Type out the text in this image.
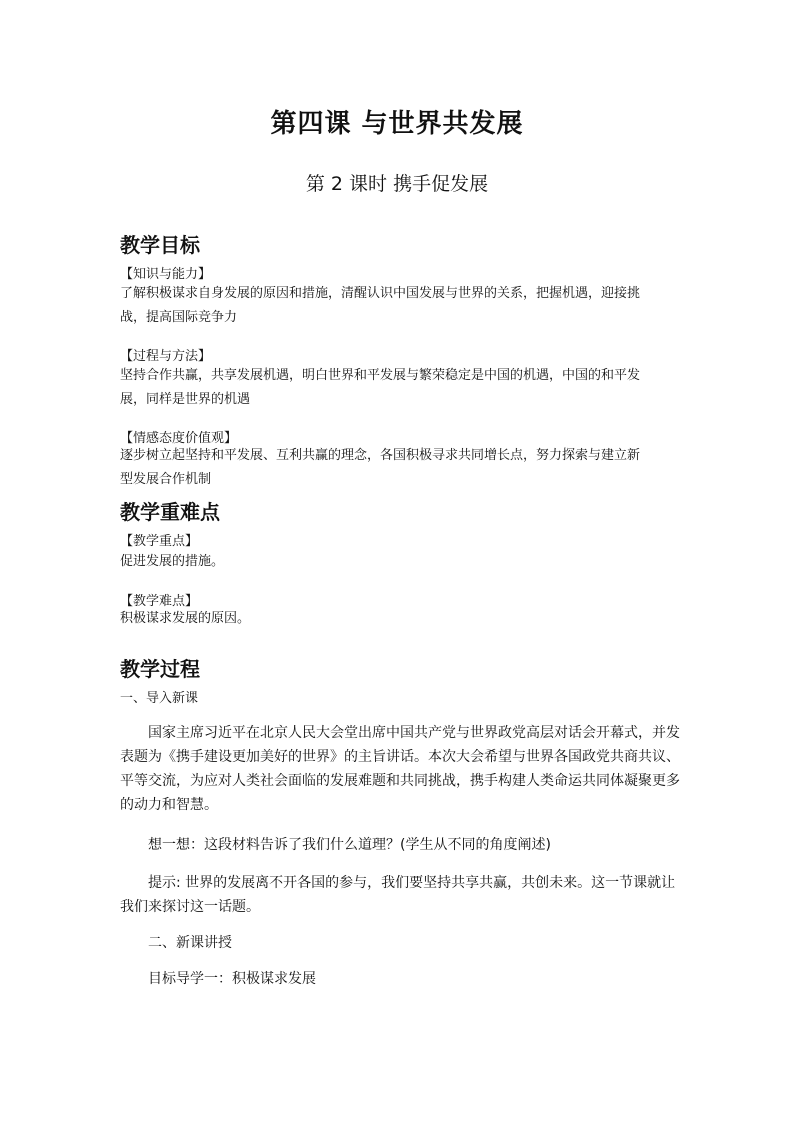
第四课 与世界共发展
第 2 课时 携手促发展
教学目标
【知识与能力】
了解积极谋求自身发展的原因和措施，清醒认识中国发展与世界的关系，把握机遇，迎接挑
战，提高国际竞争力
【过程与方法】
坚持合作共赢，共享发展机遇，明白世界和平发展与繁荣稳定是中国的机遇，中国的和平发
展，同样是世界的机遇
【情感态度价值观】
逐步树立起坚持和平发展、互利共赢的理念，各国积极寻求共同增长点，努力探索与建立新
型发展合作机制
教学重难点
【教学重点】
促进发展的措施。
【教学难点】
积极谋求发展的原因。
教学过程
一、导入新课
国家主席习近平在北京人民大会堂出席中国共产党与世界政党高层对话会开幕式，并发表题为《携手建设更加美好的世界》的主旨讲话。本次大会希望与世界各国政党共商共议、平等交流，为应对人类社会面临的发展难题和共同挑战，携手构建人类命运共同体凝聚更多的动力和智慧。
想一想：这段材料告诉了我们什么道理？(学生从不同的角度阐述)
提示: 世界的发展离不开各国的参与，我们要坚持共享共赢，共创未来。这一节课就让我们来探讨这一话题。
二、新课讲授
目标导学一：积极谋求发展
